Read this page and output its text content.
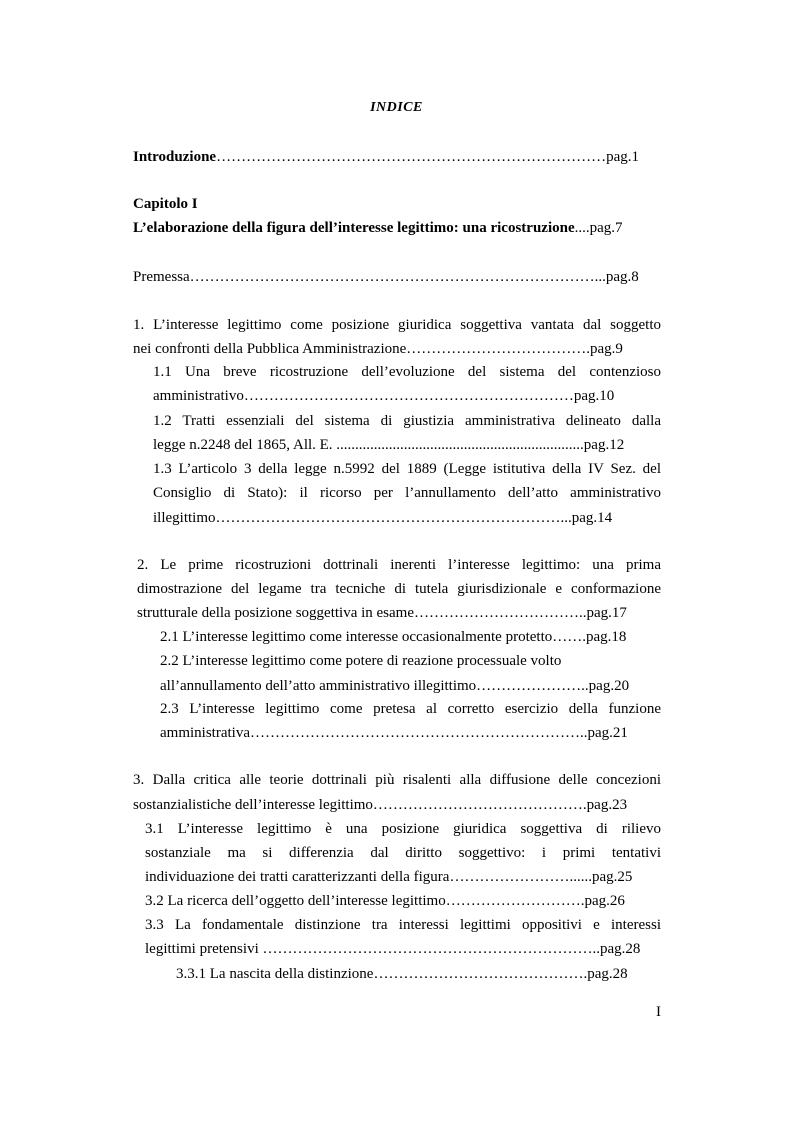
INDICE
Introduzione……………………………………………………………………pag.1
Capitolo I
L’elaborazione della figura dell’interesse legittimo: una ricostruzione....pag.7
Premessa………………………………………………………………………...pag.8
1. L’interesse legittimo come posizione giuridica soggettiva vantata dal soggetto
nei confronti della Pubblica Amministrazione……………………………….pag.9
1.1 Una breve ricostruzione dell’evoluzione del sistema del contenzioso
amministrativo…………………………………………………………pag.10
1.2 Tratti essenziali del sistema di giustizia amministrativa delineato dalla
legge n.2248 del 1865, All. E. ..................................................................pag.12
1.3 L’articolo 3 della legge n.5992 del 1889 (Legge istitutiva della IV Sez. del
Consiglio di Stato): il ricorso per l’annullamento dell’atto amministrativo
illegittimo……………………………………………………………...pag.14
2. Le prime ricostruzioni dottrinali inerenti l’interesse legittimo: una prima
dimostrazione del legame tra tecniche di tutela giurisdizionale e conformazione
strutturale della posizione soggettiva in esame……………………………..pag.17
2.1 L’interesse legittimo come interesse occasionalmente protetto…….pag.18
2.2 L’interesse legittimo come potere di reazione processuale volto
all’annullamento dell’atto amministrativo illegittimo…………………..pag.20
2.3 L’interesse legittimo come pretesa al corretto esercizio della funzione
amministrativa…………………………………………………………..pag.21
3. Dalla critica alle teorie dottrinali più risalenti alla diffusione delle concezioni
sostanzialistiche dell’interesse legittimo…………………………………….pag.23
3.1 L’interesse legittimo è una posizione giuridica soggettiva di rilievo
sostanziale ma si differenzia dal diritto soggettivo: i primi tentativi
individuazione dei tratti caratterizzanti della figura……………………......pag.25
3.2 La ricerca dell’oggetto dell’interesse legittimo……………………….pag.26
3.3 La fondamentale distinzione tra interessi legittimi oppositivi e interessi
legittimi pretensivi …………………………………………………………..pag.28
3.3.1 La nascita della distinzione…………………………………….pag.28
I
